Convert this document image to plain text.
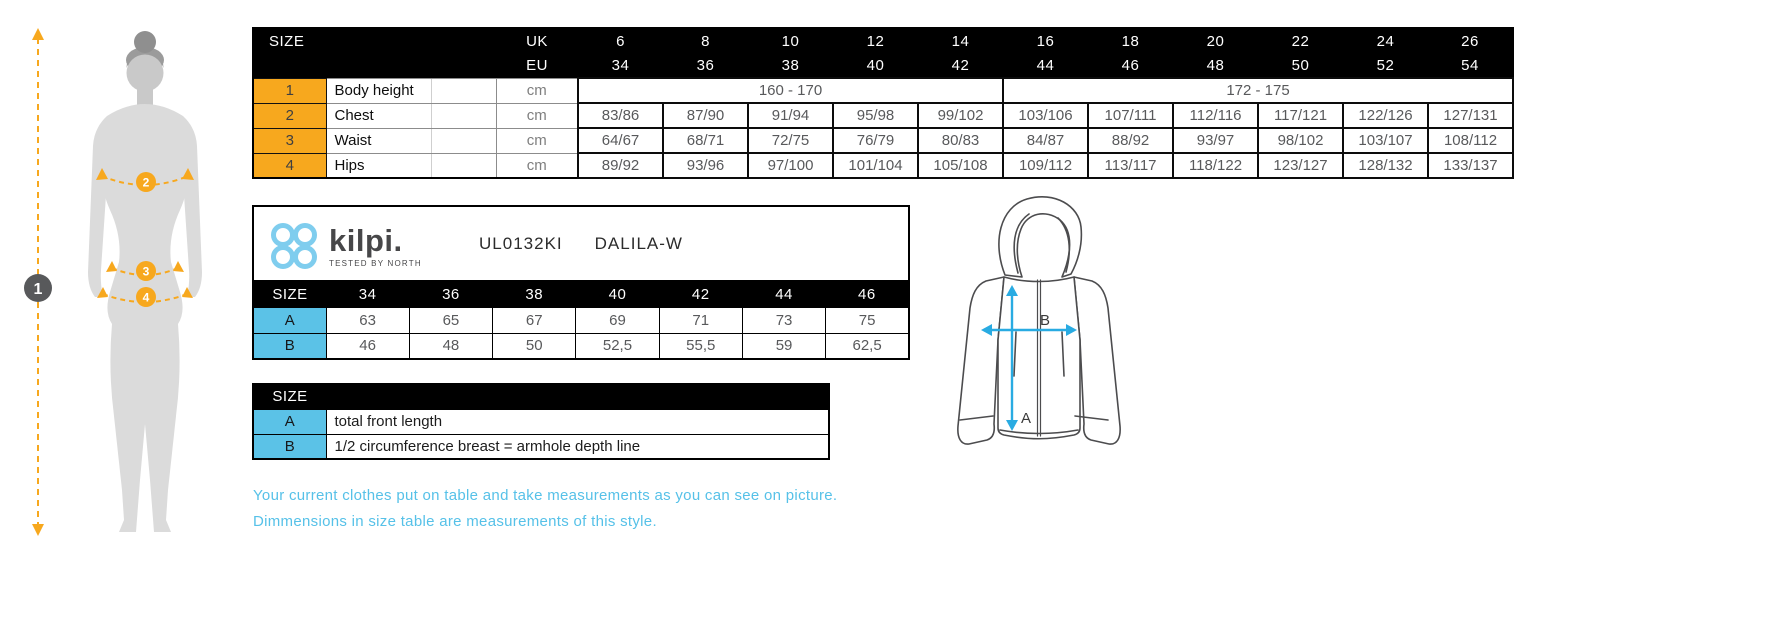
1
2
3
4
SIZE			UK	6	8	10	12	14	16	18	20	22	24	26
			EU	34	36	38	40	42	44	46	48	50	52	54
1	Body height		cm	160 - 170					172 - 175					
2	Chest		cm	83/86	87/90	91/94	95/98	99/102	103/106	107/111	112/116	117/121	122/126	127/131
3	Waist		cm	64/67	68/71	72/75	76/79	80/83	84/87	88/92	93/97	98/102	103/107	108/112
4	Hips		cm	89/92	93/96	97/100	101/104	105/108	109/112	113/117	118/122	123/127	128/132	133/137
kilpi.
TESTED BY NORTH
UL0132KI DALILA-W
SIZE	34	36	38	40	42	44	46
A	63	65	67	69	71	73	75
B	46	48	50	52,5	55,5	59	62,5
SIZE	
A	total front length
B	1/2 circumference breast = armhole depth line
A
B
Your current clothes put on table and take measurements as you can see on picture.
Dimmensions in size table are measurements of this style.
